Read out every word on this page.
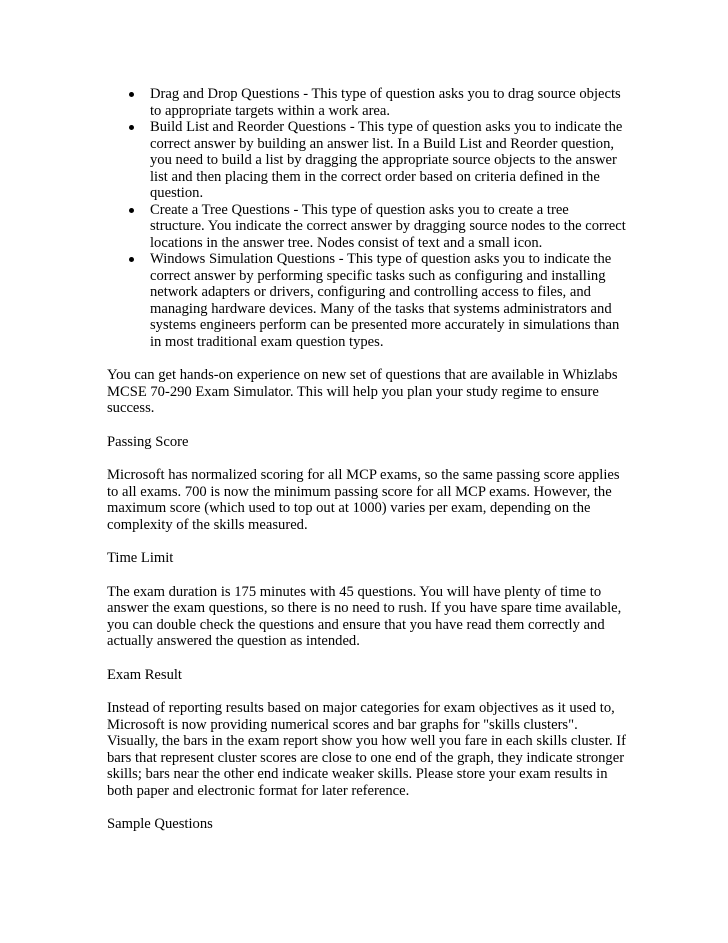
Drag and Drop Questions - This type of question asks you to drag source objects to appropriate targets within a work area.
Build List and Reorder Questions - This type of question asks you to indicate the correct answer by building an answer list. In a Build List and Reorder question, you need to build a list by dragging the appropriate source objects to the answer list and then placing them in the correct order based on criteria defined in the question.
Create a Tree Questions - This type of question asks you to create a tree structure. You indicate the correct answer by dragging source nodes to the correct locations in the answer tree. Nodes consist of text and a small icon.
Windows Simulation Questions - This type of question asks you to indicate the correct answer by performing specific tasks such as configuring and installing network adapters or drivers, configuring and controlling access to files, and managing hardware devices. Many of the tasks that systems administrators and systems engineers perform can be presented more accurately in simulations than in most traditional exam question types.

You can get hands-on experience on new set of questions that are available in Whizlabs MCSE 70-290 Exam Simulator. This will help you plan your study regime to ensure success.

Passing Score

Microsoft has normalized scoring for all MCP exams, so the same passing score applies to all exams. 700 is now the minimum passing score for all MCP exams. However, the maximum score (which used to top out at 1000) varies per exam, depending on the complexity of the skills measured.

Time Limit

The exam duration is 175 minutes with 45 questions. You will have plenty of time to answer the exam questions, so there is no need to rush. If you have spare time available, you can double check the questions and ensure that you have read them correctly and actually answered the question as intended.

Exam Result

Instead of reporting results based on major categories for exam objectives as it used to, Microsoft is now providing numerical scores and bar graphs for "skills clusters". Visually, the bars in the exam report show you how well you fare in each skills cluster. If bars that represent cluster scores are close to one end of the graph, they indicate stronger skills; bars near the other end indicate weaker skills. Please store your exam results in both paper and electronic format for later reference.

Sample Questions
